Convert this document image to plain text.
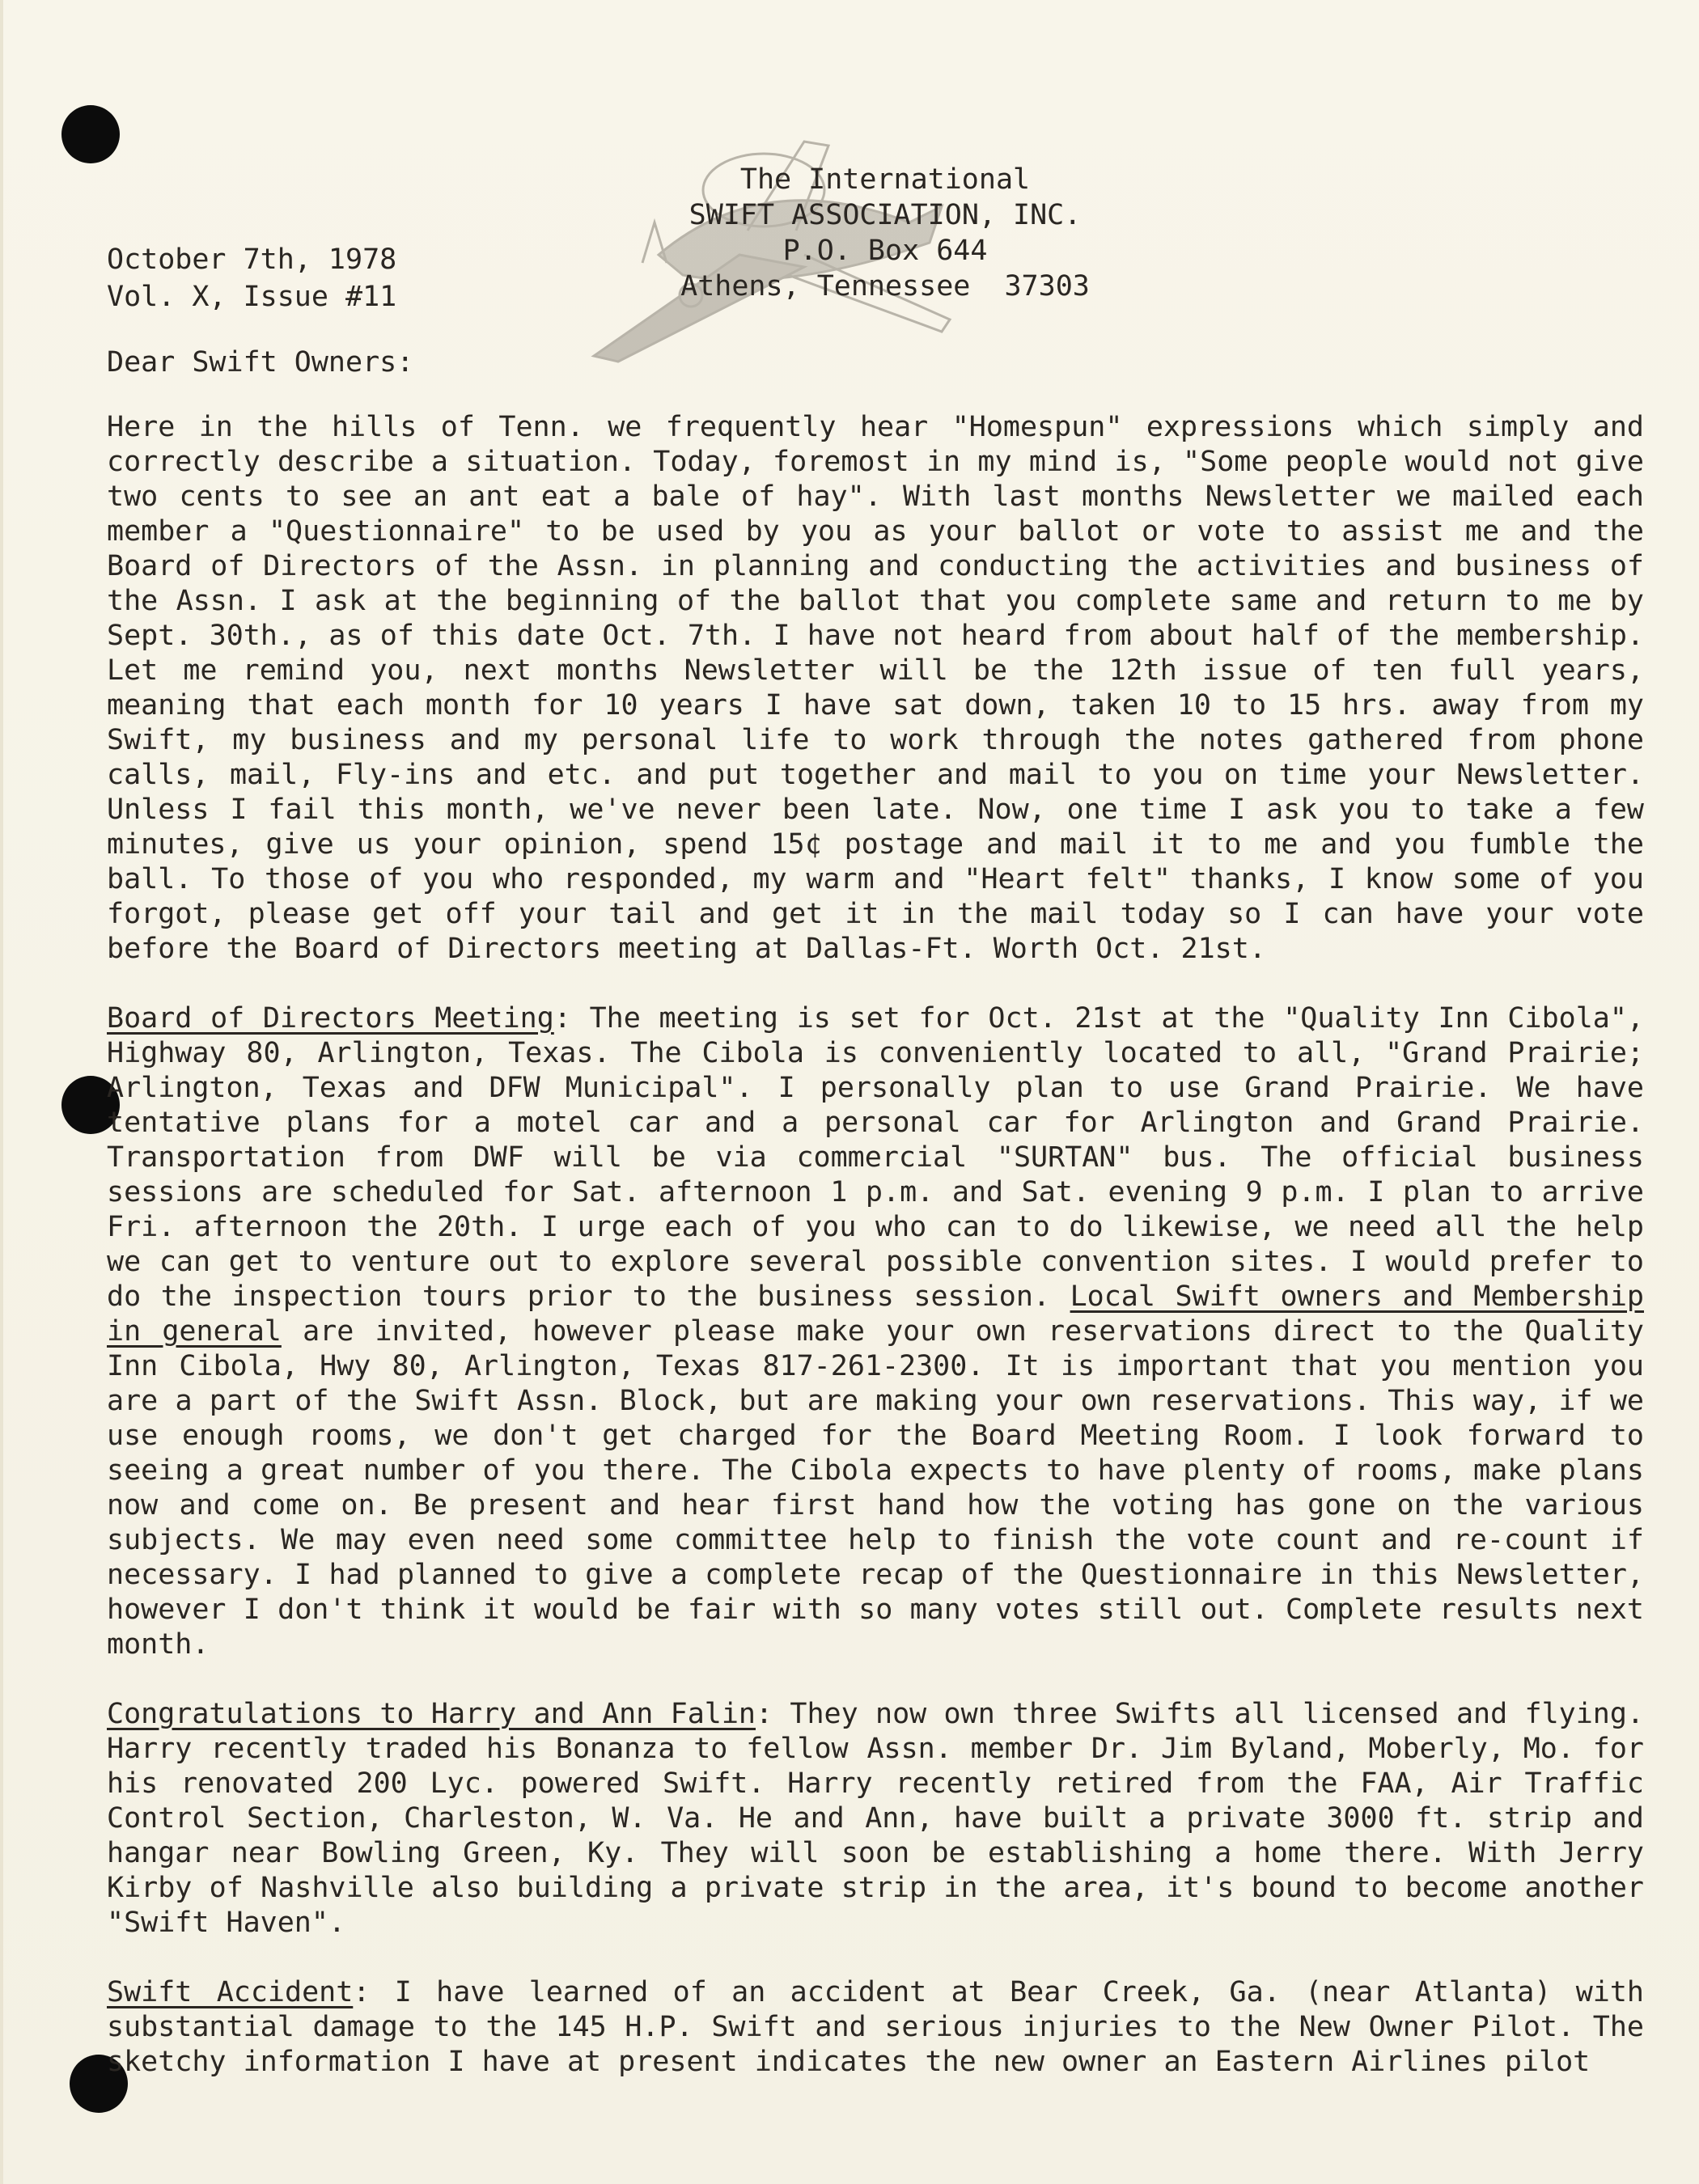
The International
SWIFT ASSOCIATION, INC.
P.O. Box 644
Athens, Tennessee  37303
October 7th, 1978
Vol. X, Issue #11
Dear Swift Owners:

Here in the hills of Tenn. we frequently hear "Homespun" expressions which simply and correctly describe a situation. Today, foremost in my mind is, "Some people would not give two cents to see an ant eat a bale of hay". With last months Newsletter we mailed each member a "Questionnaire" to be used by you as your ballot or vote to assist me and the Board of Directors of the Assn. in planning and conducting the activities and business of the Assn. I ask at the beginning of the ballot that you complete same and return to me by Sept. 30th., as of this date Oct. 7th. I have not heard from about half of the membership. Let me remind you, next months Newsletter will be the 12th issue of ten full years, meaning that each month for 10 years I have sat down, taken 10 to 15 hrs. away from my Swift, my business and my personal life to work through the notes gathered from phone calls, mail, Fly-ins and etc. and put together and mail to you on time your Newsletter. Unless I fail this month, we've never been late. Now, one time I ask you to take a few minutes, give us your opinion, spend 15¢ postage and mail it to me and you fumble the ball. To those of you who responded, my warm and "Heart felt" thanks, I know some of you forgot, please get off your tail and get it in the mail today so I can have your vote before the Board of Directors meeting at Dallas-Ft. Worth Oct. 21st.

Board of Directors Meeting: The meeting is set for Oct. 21st at the "Quality Inn Cibola", Highway 80, Arlington, Texas. The Cibola is conveniently located to all, "Grand Prairie; Arlington, Texas and DFW Municipal". I personally plan to use Grand Prairie. We have tentative plans for a motel car and a personal car for Arlington and Grand Prairie. Transportation from DWF will be via commercial "SURTAN" bus. The official business sessions are scheduled for Sat. afternoon 1 p.m. and Sat. evening 9 p.m. I plan to arrive Fri. afternoon the 20th. I urge each of you who can to do likewise, we need all the help we can get to venture out to explore several possible convention sites. I would prefer to do the inspection tours prior to the business session. Local Swift owners and Membership in general are invited, however please make your own reservations direct to the Quality Inn Cibola, Hwy 80, Arlington, Texas 817-261-2300. It is important that you mention you are a part of the Swift Assn. Block, but are making your own reservations. This way, if we use enough rooms, we don't get charged for the Board Meeting Room. I look forward to seeing a great number of you there. The Cibola expects to have plenty of rooms, make plans now and come on. Be present and hear first hand how the voting has gone on the various subjects. We may even need some committee help to finish the vote count and re-count if necessary. I had planned to give a complete recap of the Questionnaire in this Newsletter, however I don't think it would be fair with so many votes still out. Complete results next month.

Congratulations to Harry and Ann Falin: They now own three Swifts all licensed and flying. Harry recently traded his Bonanza to fellow Assn. member Dr. Jim Byland, Moberly, Mo. for his renovated 200 Lyc. powered Swift. Harry recently retired from the FAA, Air Traffic Control Section, Charleston, W. Va. He and Ann, have built a private 3000 ft. strip and hangar near Bowling Green, Ky. They will soon be establishing a home there. With Jerry Kirby of Nashville also building a private strip in the area, it's bound to become another "Swift Haven".

Swift Accident: I have learned of an accident at Bear Creek, Ga. (near Atlanta) with substantial damage to the 145 H.P. Swift and serious injuries to the New Owner Pilot. The sketchy information I have at present indicates the new owner an Eastern Airlines pilot
